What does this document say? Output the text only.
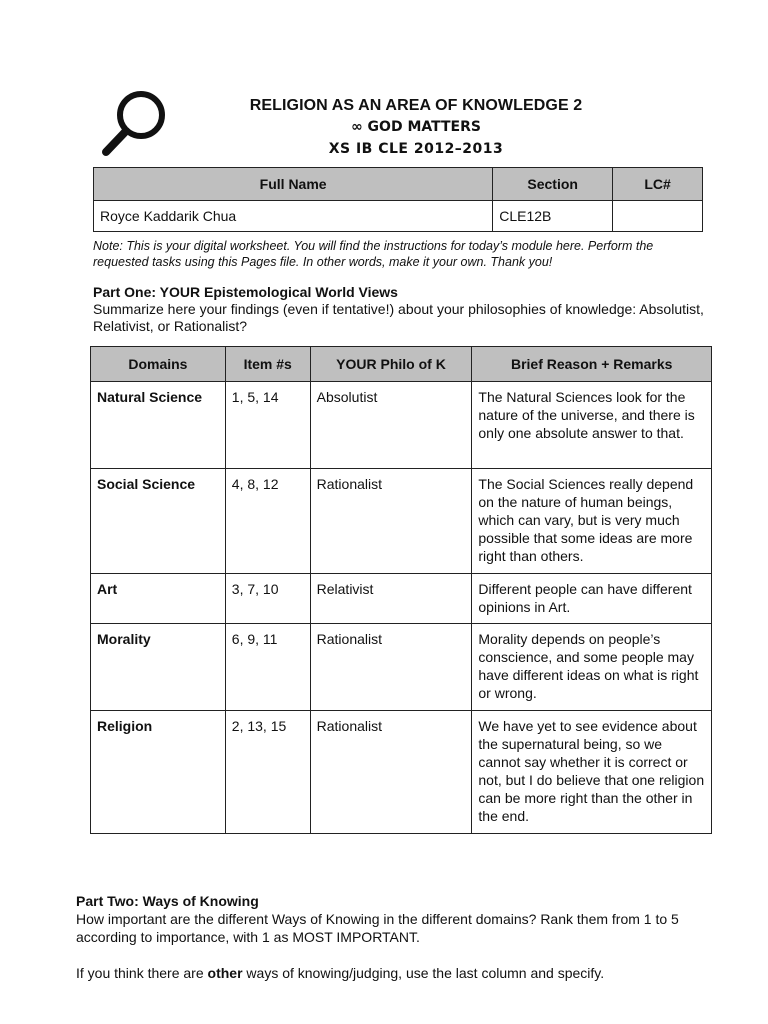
RELIGION AS AN AREA OF KNOWLEDGE 2
∞ GOD MATTERS
XS IB CLE 2012–2013
Full Name	Section	LC#
Royce Kaddarik Chua	CLE12B	
Note: This is your digital worksheet. You will find the instructions for today’s module here. Perform the requested tasks using this Pages file. In other words, make it your own. Thank you!
Part One: YOUR Epistemological World Views
Summarize here your findings (even if tentative!) about your philosophies of knowledge: Absolutist, Relativist, or Rationalist?
Domains	Item #s	YOUR Philo of K	Brief Reason + Remarks
Natural Science	1, 5, 14	Absolutist	The Natural Sciences look for the nature of the universe, and there is only one absolute answer to that.
Social Science	4, 8, 12	Rationalist	The Social Sciences really depend on the nature of human beings, which can vary, but is very much possible that some ideas are more right than others.
Art	3, 7, 10	Relativist	Different people can have different opinions in Art.
Morality	6, 9, 11	Rationalist	Morality depends on people’s conscience, and some people may have different ideas on what is right or wrong.
Religion	2, 13, 15	Rationalist	We have yet to see evidence about the supernatural being, so we cannot say whether it is correct or not, but I do believe that one religion can be more right than the other in the end.

Part Two: Ways of Knowing

How important are the different Ways of Knowing in the different domains? Rank them from 1 to 5 according to importance, with 1 as MOST IMPORTANT.

If you think there are other ways of knowing/judging, use the last column and specify.
